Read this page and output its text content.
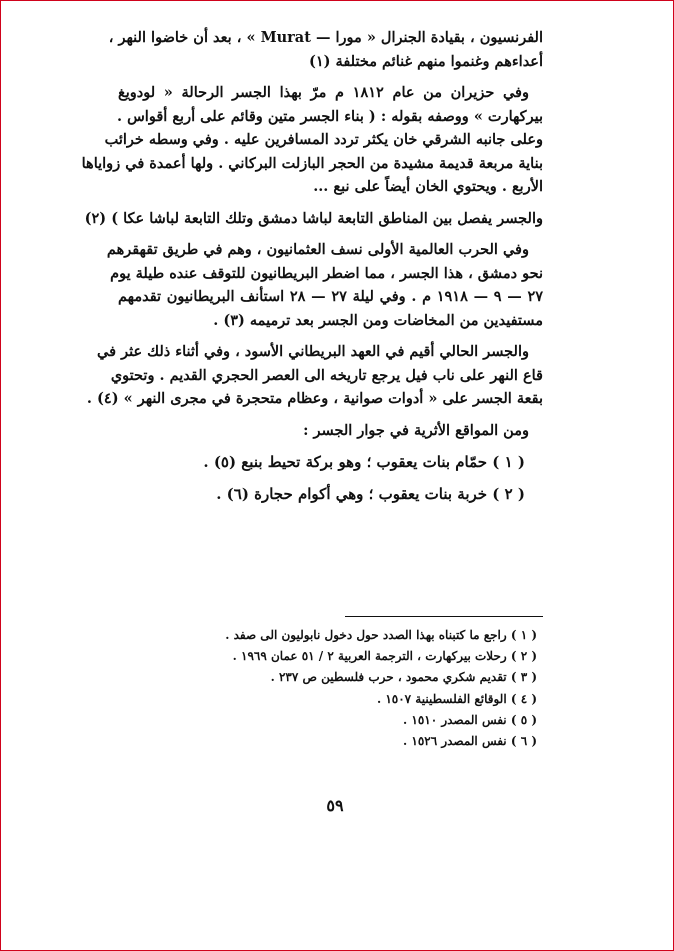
الفرنسيون ، بقيادة الجنرال « مورا — Murat » ، بعد أن خاضوا النهر ،

أعداءهم وغنموا منهم غنائم مختلفة (١)

وفي حزيران من عام ١٨١٢ م مرّ بهذا الجسر الرحالة « لودويغ

بيركهارت » ووصفه بقوله : ( بناء الجسر متين وقائم على أربع أقواس .

وعلى جانبه الشرقي خان يكثر تردد المسافرين عليه . وفي وسطه خرائب

بناية مربعة قديمة مشيدة من الحجر البازلت البركاني . ولها أعمدة في زواياها

الأربع . ويحتوي الخان أيضاً على نبع ...

والجسر يفصل بين المناطق التابعة لباشا دمشق وتلك التابعة لباشا عكا ) (٢)

وفي الحرب العالمية الأولى نسف العثمانيون ، وهم في طريق تقهقرهم

نحو دمشق ، هذا الجسر ، مما اضطر البريطانيون للتوقف عنده طيلة يوم

٢٧ — ٩ — ١٩١٨ م . وفي ليلة ٢٧ — ٢٨ استأنف البريطانيون تقدمهم

مستفيدين من المخاضات ومن الجسر بعد ترميمه (٣) .

والجسر الحالي أقيم في العهد البريطاني الأسود ، وفي أثناء ذلك عثر في

قاع النهر على ناب فيل يرجع تاريخه الى العصر الحجري القديم . وتحتوي

بقعة الجسر على « أدوات صوانية ، وعظام متحجرة في مجرى النهر » (٤) .

ومن المواقع الأثرية في جوار الجسر :

( ١ ) حمّام بنات يعقوب ؛ وهو بركة تحيط بنبع (٥) .
( ٢ ) خربة بنات يعقوب ؛ وهي أكوام حجارة (٦) .
( ١ ) راجع ما كتبناه بهذا الصدد حول دخول نابوليون الى صفد .
( ٢ ) رحلات بيركهارت ، الترجمة العربية ٢ / ٥١ عمان ١٩٦٩ .
( ٣ ) تقديم شكري محمود ، حرب فلسطين ص ٢٣٧ .
( ٤ ) الوقائع الفلسطينية ١٥٠٧ .
( ٥ ) نفس المصدر ١٥١٠ .
( ٦ ) نفس المصدر ١٥٢٦ .
٥٩
